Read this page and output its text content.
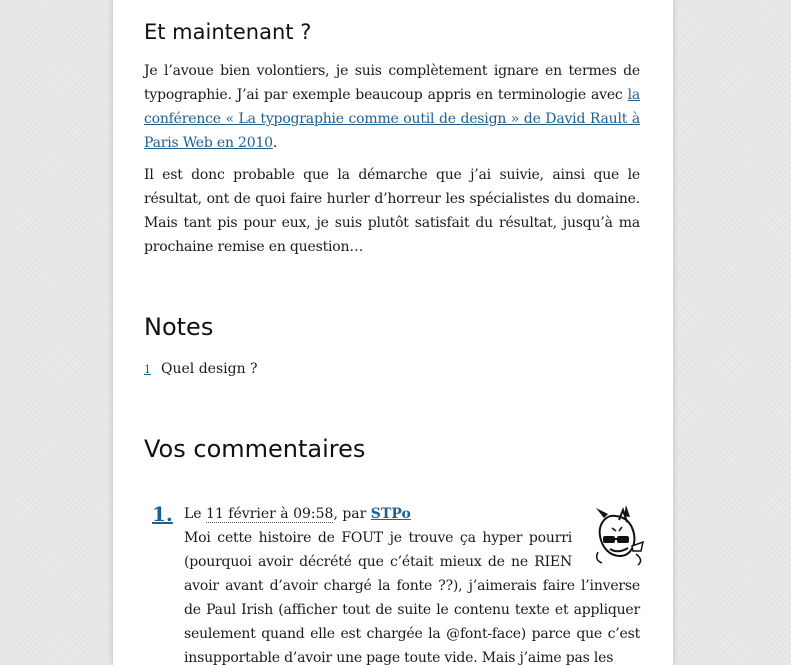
Et maintenant ?

Je l’avoue bien volontiers, je suis complètement ignare en termes de typographie. J’ai par exemple beaucoup appris en terminologie avec la conférence « La typographie comme outil de design » de David Rault à Paris Web en 2010.

Il est donc probable que la démarche que j’ai suivie, ainsi que le résultat, ont de quoi faire hurler d’horreur les spécialistes du domaine. Mais tant pis pour eux, je suis plutôt satisfait du résultat, jusqu’à ma prochaine remise en question…

Notes
1 Quel design ?
Vos commentaires
1. Le 11 février à 09:58, par STPo

Moi cette histoire de FOUT je trouve ça hyper pourri (pourquoi avoir décrété que c’était mieux de ne RIEN avoir avant d’avoir chargé la fonte ??), j’aimerais faire l’inverse de Paul Irish (afficher tout de suite le contenu texte et appliquer seulement quand elle est chargée la @font-face) parce que c’est insupportable d’avoir une page toute vide. Mais j’aime pas les
